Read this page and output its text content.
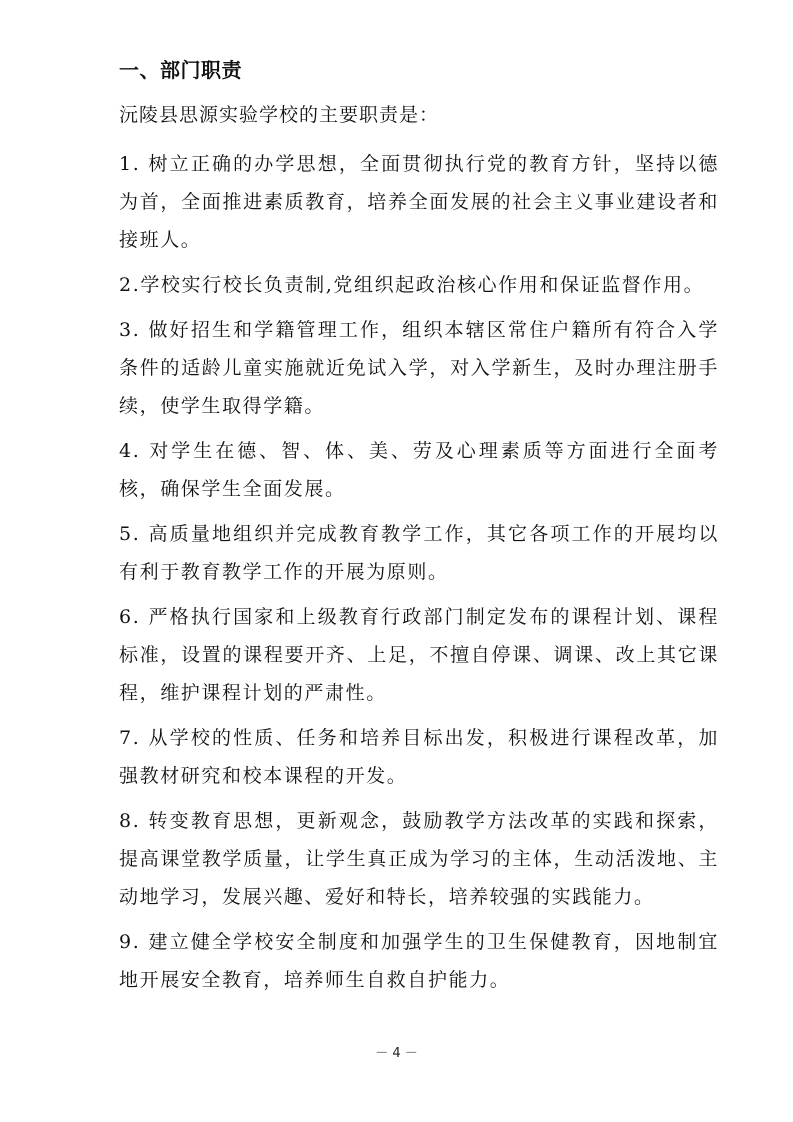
一、部门职责
沅陵县思源实验学校的主要职责是：
1. 树立正确的办学思想，全面贯彻执行党的教育方针，坚持以德为首，全面推进素质教育，培养全面发展的社会主义事业建设者和接班人。
2.学校实行校长负责制,党组织起政治核心作用和保证监督作用。
3. 做好招生和学籍管理工作，组织本辖区常住户籍所有符合入学条件的适龄儿童实施就近免试入学，对入学新生，及时办理注册手续，使学生取得学籍。
4. 对学生在德、智、体、美、劳及心理素质等方面进行全面考核，确保学生全面发展。
5. 高质量地组织并完成教育教学工作，其它各项工作的开展均以有利于教育教学工作的开展为原则。
6. 严格执行国家和上级教育行政部门制定发布的课程计划、课程标准，设置的课程要开齐、上足，不擅自停课、调课、改上其它课程，维护课程计划的严肃性。
7. 从学校的性质、任务和培养目标出发，积极进行课程改革，加强教材研究和校本课程的开发。
8. 转变教育思想，更新观念，鼓励教学方法改革的实践和探索，提高课堂教学质量，让学生真正成为学习的主体，生动活泼地、主动地学习，发展兴趣、爱好和特长，培养较强的实践能力。
9. 建立健全学校安全制度和加强学生的卫生保健教育，因地制宜地开展安全教育，培养师生自救自护能力。
－ 4 －
